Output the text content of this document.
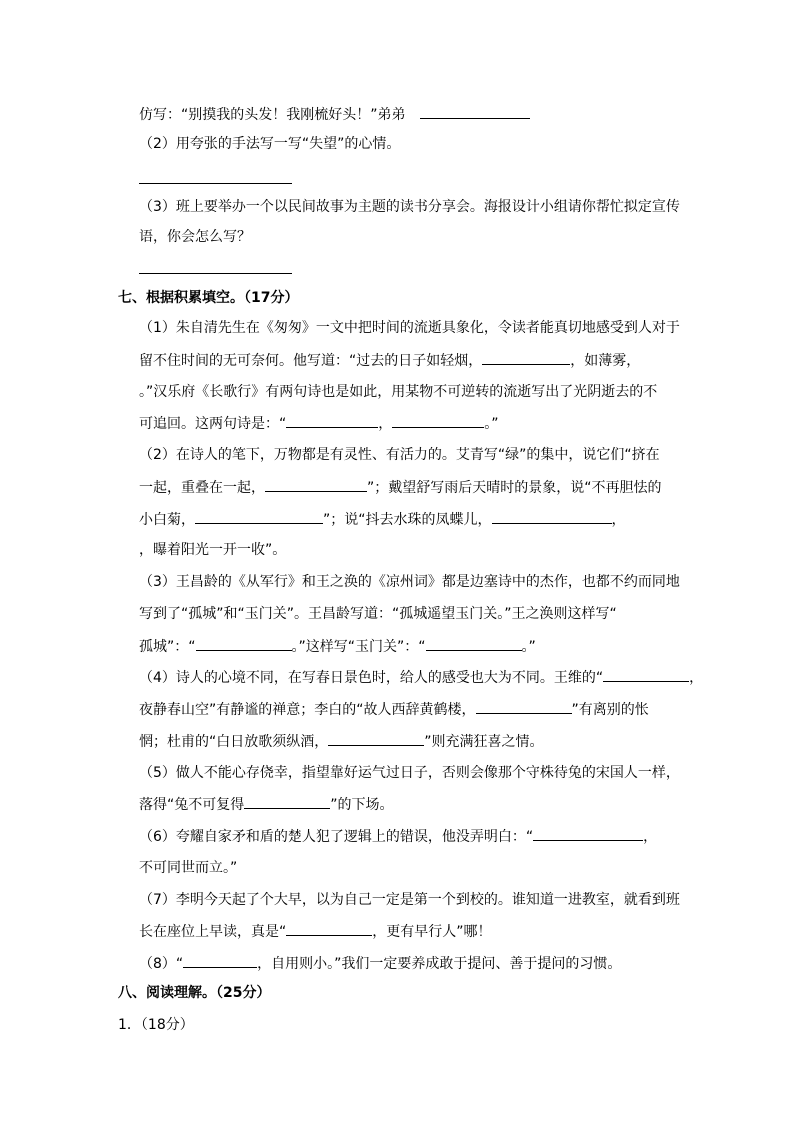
仿写：“别摸我的头发！我刚梳好头！”弟弟
（2）用夸张的手法写一写“失望”的心情。
（3）班上要举办一个以民间故事为主题的读书分享会。海报设计小组请你帮忙拟定宣传
语，你会怎么写？
七、根据积累填空。（17分）
（1）朱自清先生在《匆匆》一文中把时间的流逝具象化，令读者能真切地感受到人对于
留不住时间的无可奈何。他写道：“过去的日子如轻烟，	，如薄雾，
。”汉乐府《长歌行》有两句诗也是如此，用某物不可逆转的流逝写出了光阴逝去的不
可追回。这两句诗是：“	，	。”
（2）在诗人的笔下，万物都是有灵性、有活力的。艾青写“绿”的集中，说它们“挤在
一起，重叠在一起，	”；戴望舒写雨后天晴时的景象，说“不再胆怯的
小白菊，	”；说“抖去水珠的凤蝶儿，	，
，曝着阳光一开一收”。
（3）王昌龄的《从军行》和王之涣的《凉州词》都是边塞诗中的杰作，也都不约而同地
写到了“孤城”和“玉门关”。王昌龄写道：“孤城遥望玉门关。”王之涣则这样写“
孤城”：“	。”这样写“玉门关”：“	。”
（4）诗人的心境不同，在写春日景色时，给人的感受也大为不同。王维的“	，
夜静春山空”有静谧的禅意；李白的“故人西辞黄鹤楼，	”有离别的怅
惘；杜甫的“白日放歌须纵酒，	”则充满狂喜之情。
（5）做人不能心存侥幸，指望靠好运气过日子，否则会像那个守株待兔的宋国人一样，
落得“兔不可复得	”的下场。
（6）夸耀自家矛和盾的楚人犯了逻辑上的错误，他没弄明白：“	，
不可同世而立。”
（7）李明今天起了个大早，以为自己一定是第一个到校的。谁知道一进教室，就看到班
长在座位上早读，真是“	，更有早行人”哪！
（8）“	，自用则小。”我们一定要养成敢于提问、善于提问的习惯。
八、阅读理解。（25分）
1．（18分）
